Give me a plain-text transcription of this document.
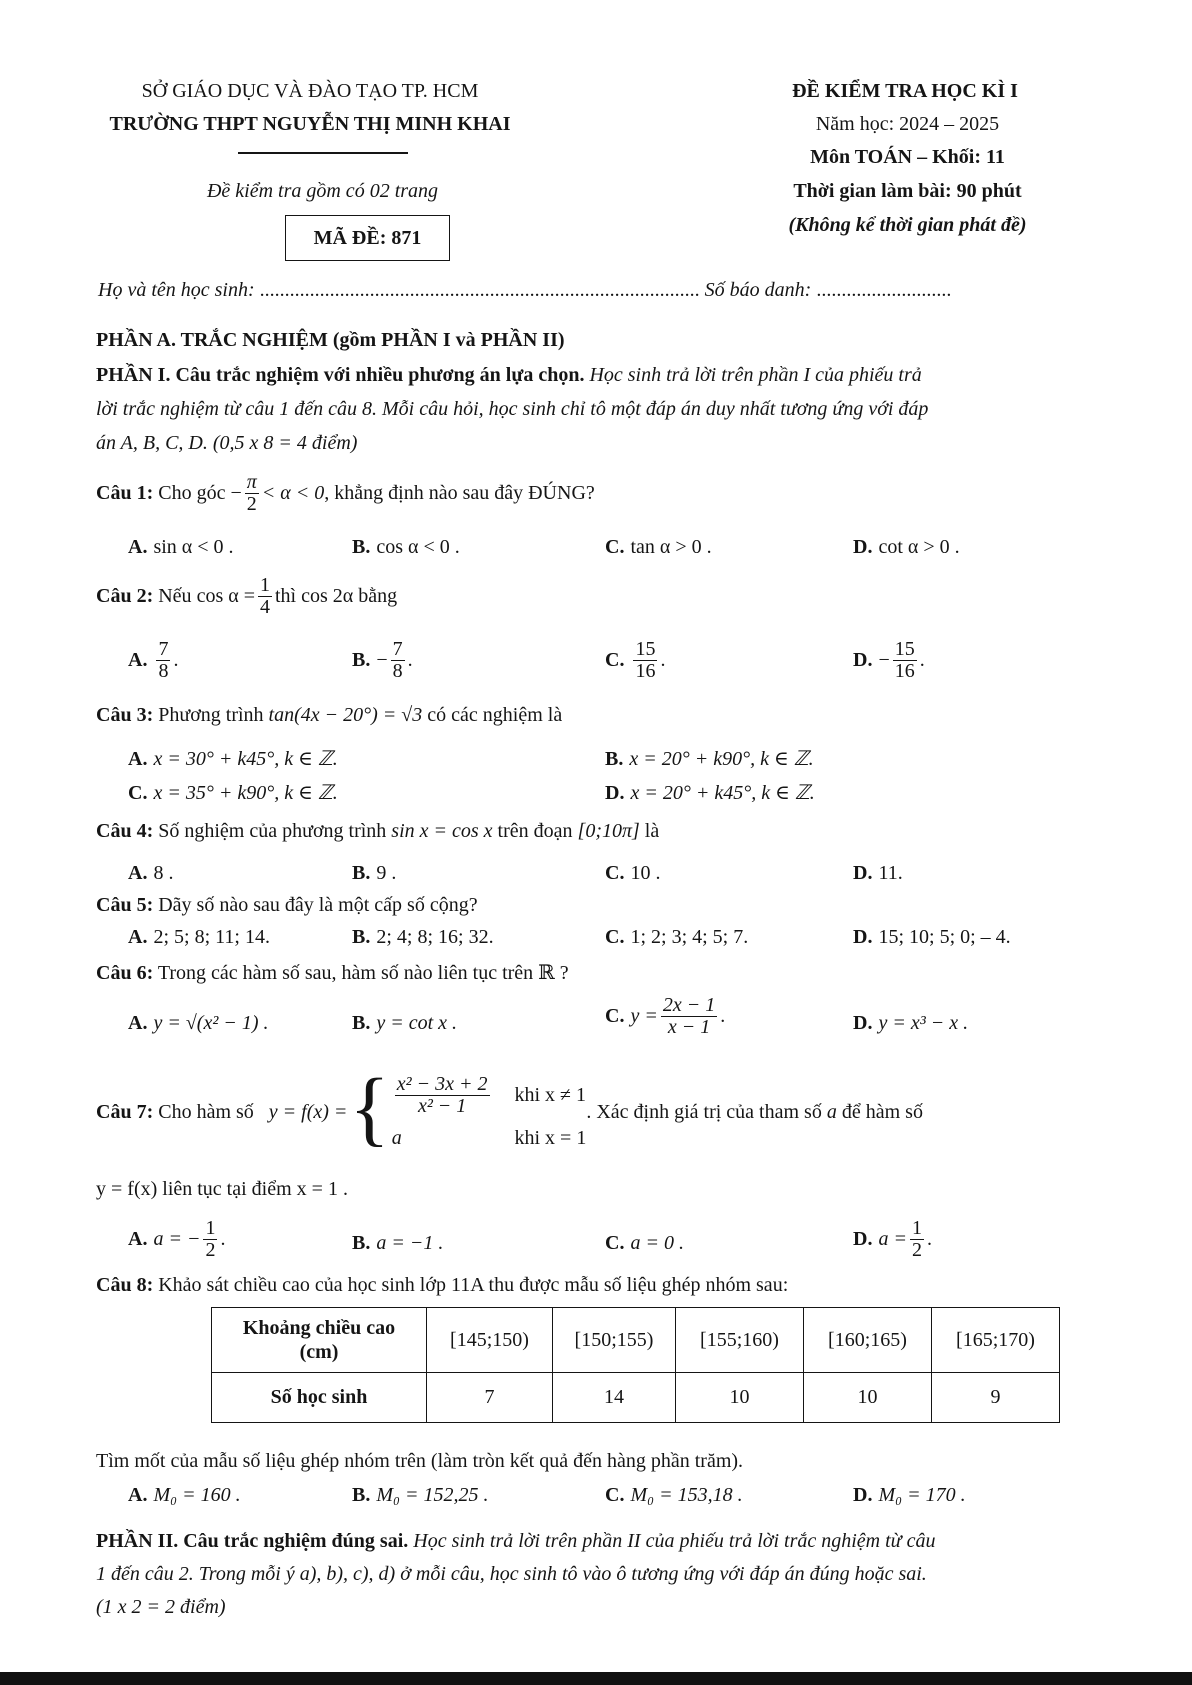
SỞ GIÁO DỤC VÀ ĐÀO TẠO TP. HCM
TRƯỜNG THPT NGUYỄN THỊ MINH KHAI
Đề kiểm tra gồm có 02 trang
MÃ ĐỀ: 871
ĐỀ KIỂM TRA HỌC KÌ I
Năm học: 2024 – 2025
Môn TOÁN – Khối: 11
Thời gian làm bài: 90 phút
(Không kể thời gian phát đề)
Họ và tên học sinh: ........................................................................................ Số báo danh: ...........................
PHẦN A. TRẮC NGHIỆM (gồm PHẦN I và PHẦN II)
PHẦN I. Câu trắc nghiệm với nhiều phương án lựa chọn. Học sinh trả lời trên phần I của phiếu trả
lời trắc nghiệm từ câu 1 đến câu 8. Mỗi câu hỏi, học sinh chỉ tô một đáp án duy nhất tương ứng với đáp
án A, B, C, D. (0,5 x 8 = 4 điểm)
Câu 1:
Cho góc
− $\frac{\pi}{2} < \alpha < 0$ , khẳng định nào sau đây ĐÚNG?
A. sin α < 0 .	B. cos α < 0 .	C. tan α > 0 .	D. cot α > 0 .
Câu 2:
Nếu
$\cos \alpha = \frac{1}{4}$ thì
cos 2α
bằng
A. $\frac{7}{8}$ .	B. − $\frac{7}{8}$ .	C. $\frac{15}{16}$ .	D. − $\frac{15}{16}$ .
Câu 3: Phương trình tan(4x − 20°) = √3 có các nghiệm là
A. x = 30° + k45°, k ∈ ℤ.	B. x = 20° + k90°, k ∈ ℤ.
C. x = 35° + k90°, k ∈ ℤ.	D. x = 20° + k45°, k ∈ ℤ.
Câu 4: Số nghiệm của phương trình sin x = cos x trên đoạn [0;10π] là
A. 8 .	B. 9 .	C. 10 .	D. 11.
Câu 5: Dãy số nào sau đây là một cấp số cộng?
A. 2; 5; 8; 11; 14.	B. 2; 4; 8; 16; 32.	C. 1; 2; 3; 4; 5; 7.	D. 15; 10; 5; 0; – 4.
Câu 6: Trong các hàm số sau, hàm số nào liên tục trên ℝ ?
A. y = √(x² − 1) .	B. y = cot x .	C. $y = \frac{2x - 1}{x - 1}$ .	D. y = x³ − x .
Câu 7:
Cho hàm số
y = f(x) = { $\frac{\text{x² − 3x + 2}}{\text{x² − 1}}$ khi x ≠ 1
a	khi x = 1
. Xác định giá trị của tham số
a
để hàm số
y = f(x) liên tục tại điểm x = 1 .
A. a = − $\frac{1}{2}$ .	B. a = −1 .	C. a = 0 .	D. $a = \frac{1}{2}$ .
Câu 8: Khảo sát chiều cao của học sinh lớp 11A thu được mẫu số liệu ghép nhóm sau:
Khoảng chiều cao
(cm)	[145;150)	[150;155)	[155;160)	[160;165)	[165;170)
Số học sinh	7	14	10	10	9
Tìm mốt của mẫu số liệu ghép nhóm trên (làm tròn kết quả đến hàng phần trăm).
A. M₀ = 160 .	B. M₀ = 152,25 .	C. M₀ = 153,18 .	D. M₀ = 170 .
PHẦN II. Câu trắc nghiệm đúng sai. Học sinh trả lời trên phần II của phiếu trả lời trắc nghiệm từ câu
1 đến câu 2. Trong mỗi ý a), b), c), d) ở mỗi câu, học sinh tô vào ô tương ứng với đáp án đúng hoặc sai.
(1 x 2 = 2 điểm)
